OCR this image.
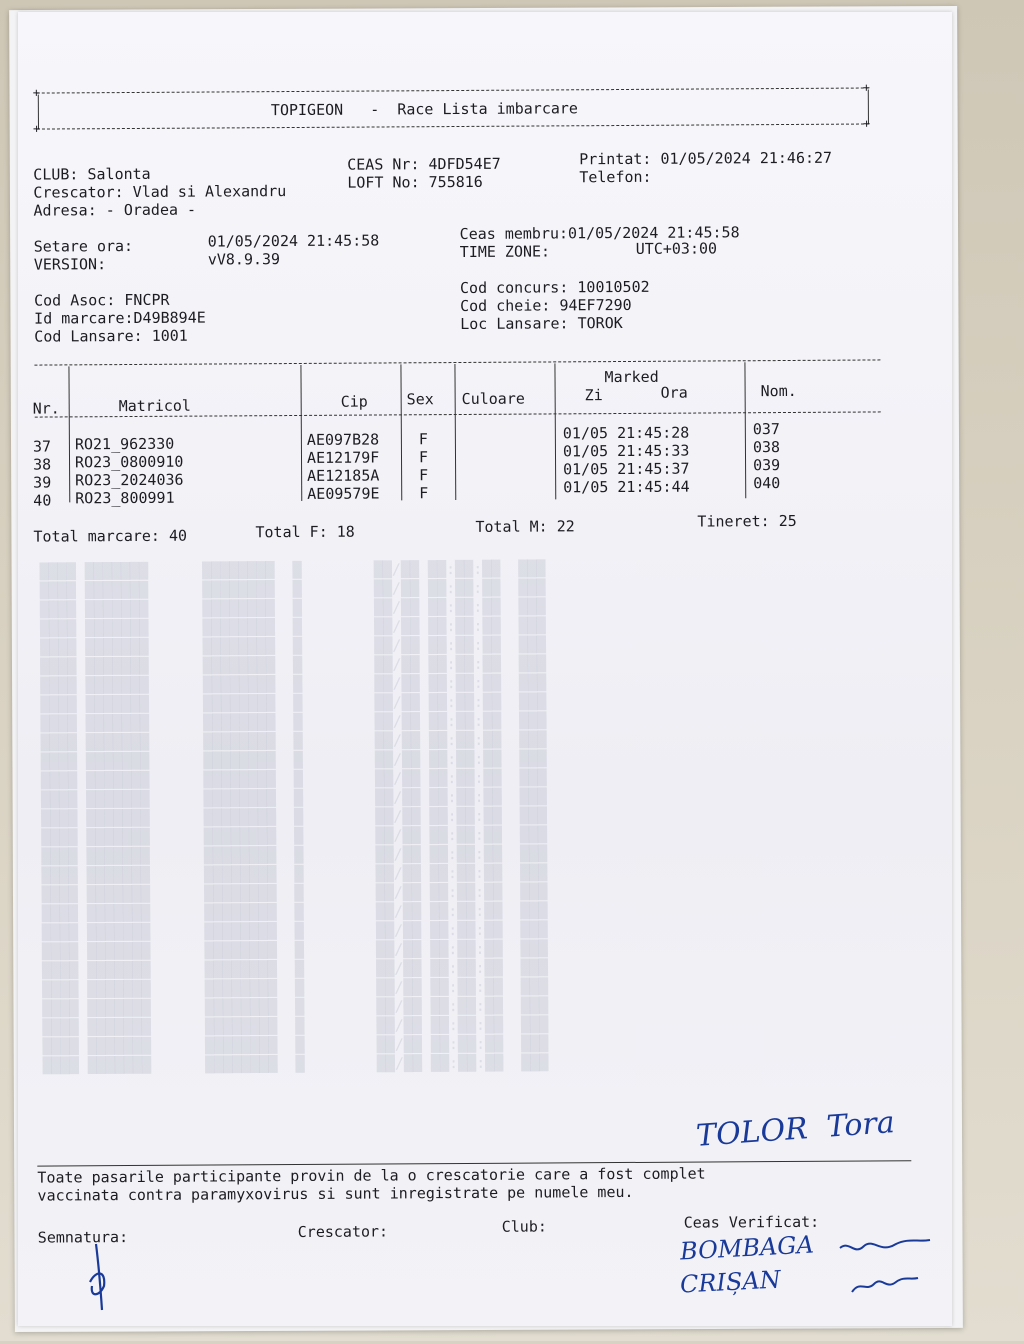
████ ███████      ████████  █        ██/██ ██:██:██  ███
████ ███████      ████████  █        ██/██ ██:██:██  ███
████ ███████      ████████  █        ██/██ ██:██:██  ███
████ ███████      ████████  █        ██/██ ██:██:██  ███
████ ███████      ████████  █        ██/██ ██:██:██  ███
████ ███████      ████████  █        ██/██ ██:██:██  ███
████ ███████      ████████  █        ██/██ ██:██:██  ███
████ ███████      ████████  █        ██/██ ██:██:██  ███
████ ███████      ████████  █        ██/██ ██:██:██  ███
████ ███████      ████████  █        ██/██ ██:██:██  ███
████ ███████      ████████  █        ██/██ ██:██:██  ███
████ ███████      ████████  █        ██/██ ██:██:██  ███
████ ███████      ████████  █        ██/██ ██:██:██  ███
████ ███████      ████████  █        ██/██ ██:██:██  ███
████ ███████      ████████  █        ██/██ ██:██:██  ███
████ ███████      ████████  █        ██/██ ██:██:██  ███
████ ███████      ████████  █        ██/██ ██:██:██  ███
████ ███████      ████████  █        ██/██ ██:██:██  ███
████ ███████      ████████  █        ██/██ ██:██:██  ███
████ ███████      ████████  █        ██/██ ██:██:██  ███
████ ███████      ████████  █        ██/██ ██:██:██  ███
████ ███████      ████████  █        ██/██ ██:██:██  ███
████ ███████      ████████  █        ██/██ ██:██:██  ███
████ ███████      ████████  █        ██/██ ██:██:██  ███
████ ███████      ████████  █        ██/██ ██:██:██  ███
████ ███████      ████████  █        ██/██ ██:██:██  ███
████ ███████      ████████  █        ██/██ ██:██:██  ███
+	+
+	+
TOPIGEON   -  Race Lista imbarcare
CLUB: Salonta
Crescator: Vlad si Alexandru
Adresa: - Oradea -
CEAS Nr: 4DFD54E7
LOFT No: 755816
Printat: 01/05/2024 21:46:27
Telefon:
Setare ora:	01/05/2024 21:45:58
VERSION:	vV8.9.39
Ceas membru:01/05/2024 21:45:58
TIME ZONE:	UTC+03:00
Cod Asoc: FNCPR
Id marcare:D49B894E
Cod Lansare: 1001
Cod concurs: 10010502
Cod cheie: 94EF7290
Loc Lansare: TOROK
Nr.	Matricol	Cip	Sex Culoare
Marked
Zi	Ora	Nom.
37 RO21_962330	AE097B28	F	01/05 21:45:28	037
38 RO23_0800910	AE12179F	F	01/05 21:45:33	038
39 RO23_2024036	AE12185A	F	01/05 21:45:37	039
40 RO23_800991	AE09579E	F	01/05 21:45:44	040
Total marcare: 40	Total F: 18	Total M: 22	Tineret: 25
Toate pasarile participante provin de la o crescatorie care a fost complet
vaccinata contra paramyxovirus si sunt inregistrate pe numele meu.
Semnatura:	Crescator:	Club:	Ceas Verificat:
TOLOR  Tora
BOMBAGA
CRIȘAN
